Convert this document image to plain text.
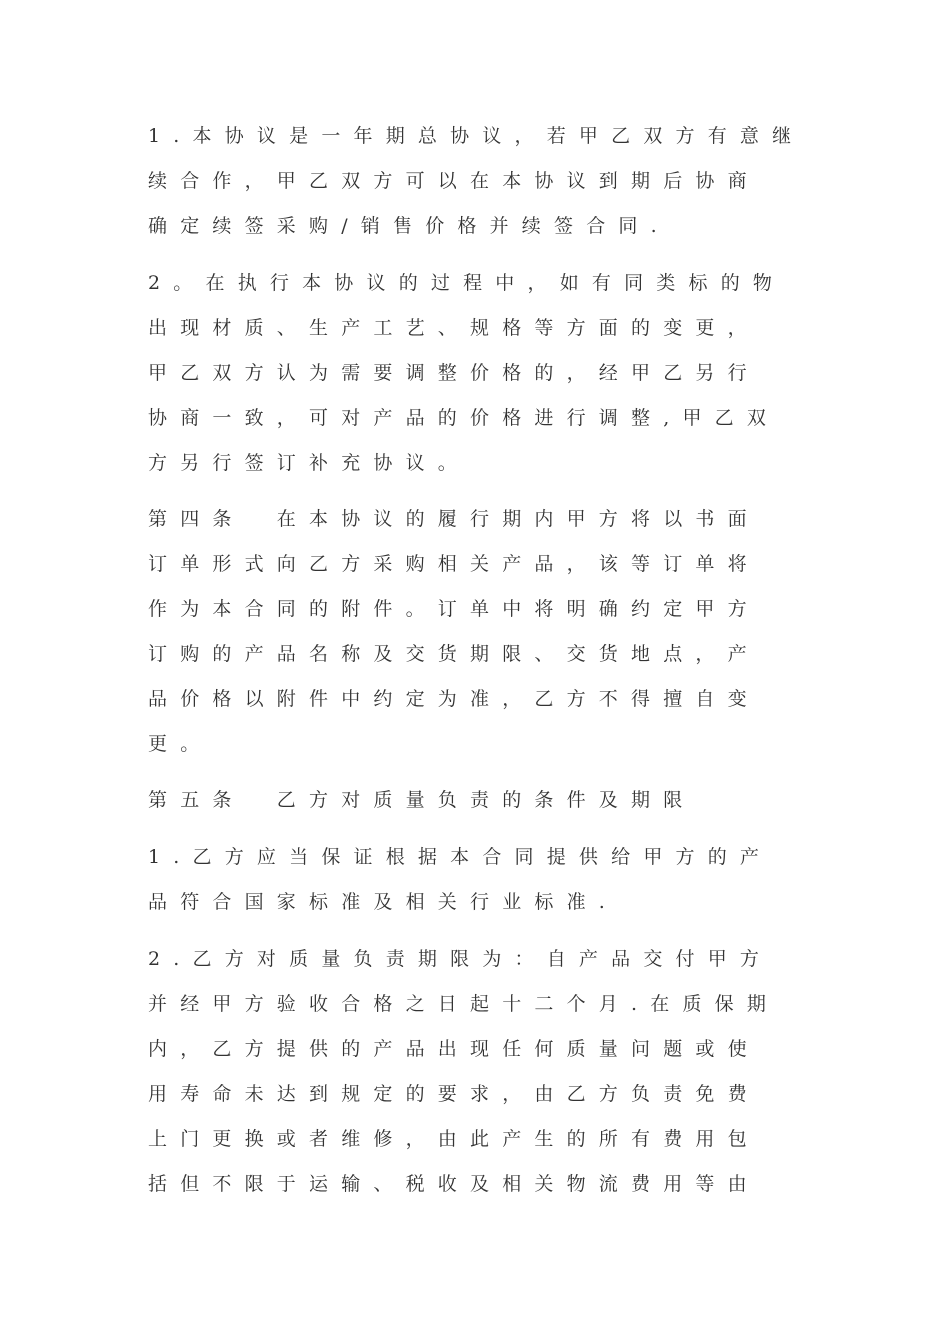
1.本协议是一年期总协议，若甲乙双方有意继
续合作，甲乙双方可以在本协议到期后协商
确定续签采购/销售价格并续签合同.
2。在执行本协议的过程中，如有同类标的物
出现材质、生产工艺、规格等方面的变更，
甲乙双方认为需要调整价格的，经甲乙另行
协商一致，可对产品的价格进行调整,甲乙双
方另行签订补充协议。
第四条　在本协议的履行期内甲方将以书面
订单形式向乙方采购相关产品，该等订单将
作为本合同的附件。订单中将明确约定甲方
订购的产品名称及交货期限、交货地点，产
品价格以附件中约定为准，乙方不得擅自变
更。
第五条　乙方对质量负责的条件及期限
1.乙方应当保证根据本合同提供给甲方的产
品符合国家标准及相关行业标准.
2.乙方对质量负责期限为：自产品交付甲方
并经甲方验收合格之日起十二个月.在质保期
内，乙方提供的产品出现任何质量问题或使
用寿命未达到规定的要求，由乙方负责免费
上门更换或者维修，由此产生的所有费用包
括但不限于运输、税收及相关物流费用等由
